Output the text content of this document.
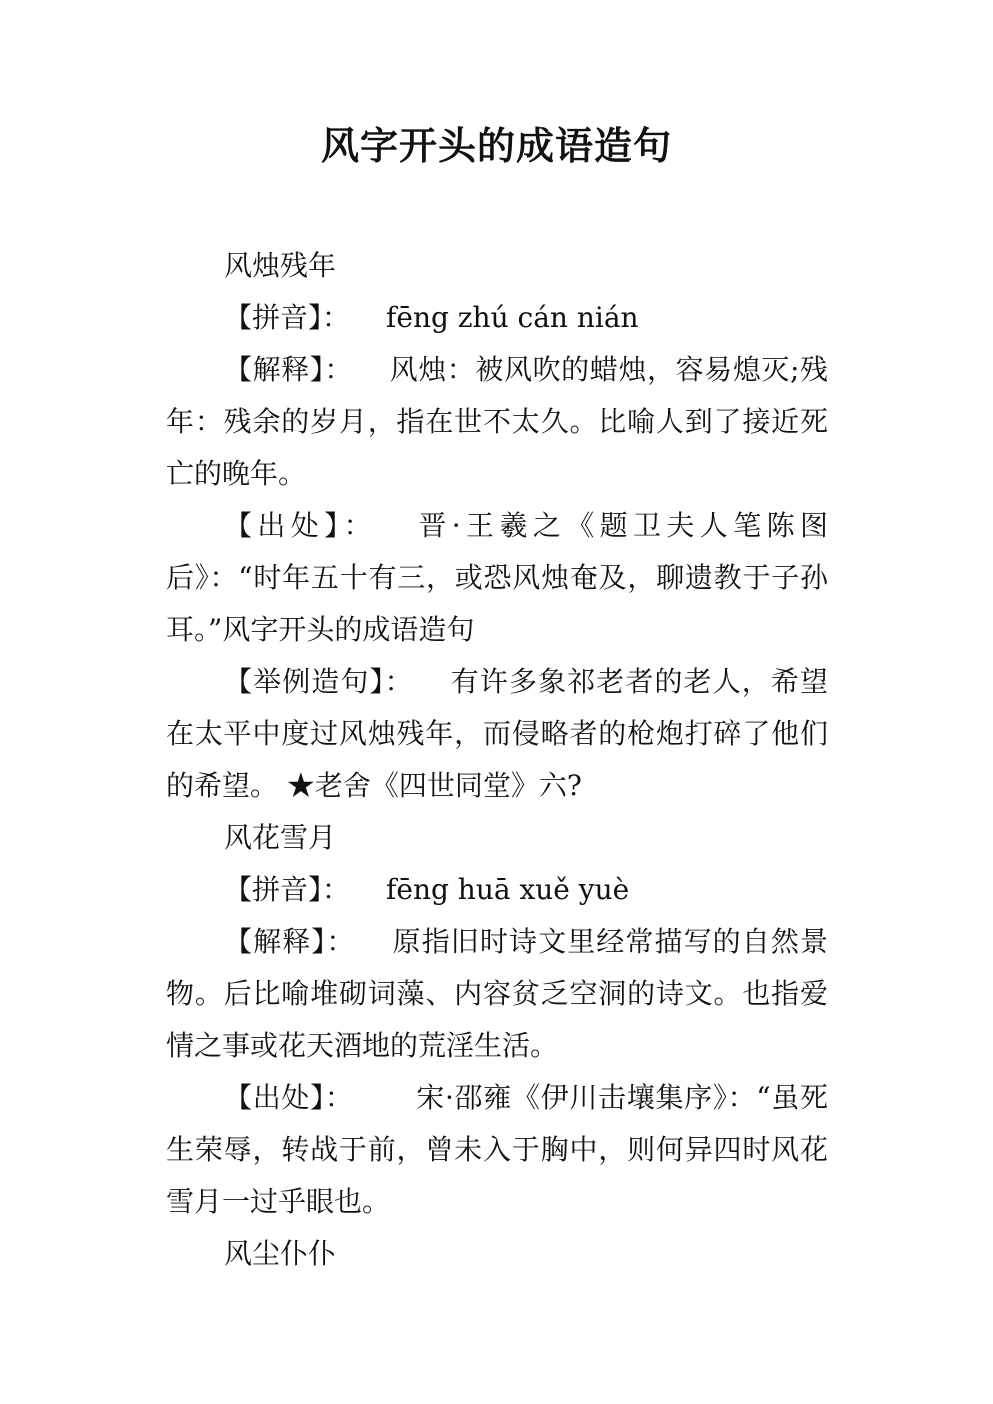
风字开头的成语造句

风烛残年

【拼音】： fēng zhú cán nián

【解释】： 风烛：被风吹的蜡烛，容易熄灭;残年：残余的岁月，指在世不太久。比喻人到了接近死亡的晚年。

【出处】： 晋·王羲之《题卫夫人笔陈图后》：“时年五十有三，或恐风烛奄及，聊遗教于子孙耳。”风字开头的成语造句

【举例造句】： 有许多象祁老者的老人，希望在太平中度过风烛残年，而侵略者的枪炮打碎了他们的希望。 ★老舍《四世同堂》六?

风花雪月

【拼音】： fēng huā xuě yuè

【解释】： 原指旧时诗文里经常描写的自然景物。后比喻堆砌词藻、内容贫乏空洞的诗文。也指爱情之事或花天酒地的荒淫生活。

【出处】： 宋·邵雍《伊川击壤集序》：“虽死生荣辱，转战于前，曾未入于胸中，则何异四时风花雪月一过乎眼也。

风尘仆仆
